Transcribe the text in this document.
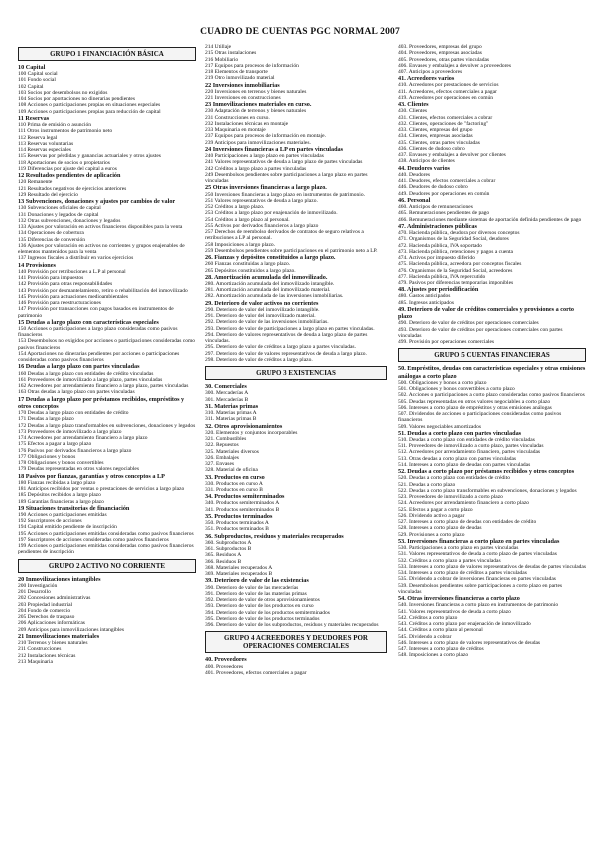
CUADRO DE CUENTAS PGC NORMAL 2007
GRUPO 1 FINANCIACIÓN BÁSICA
10 Capital
100 Capital social
101 Fondo social
102 Capital
103 Socios por desembolsos no exigidos
104 Socios por aportaciones no dinerarias pendientes
108 Acciones o participaciones propias en situaciones especiales
109 Acciones o participaciones propias para reducción de capital
11 Reservas
110 Prima de emisión o asunción
111 Otros instrumentos de patrimonio neto
112 Reserva legal
113 Reservas voluntarias
114 Reservas especiales
115 Reservas por pérdidas y ganancias actuariales y otros ajustes
118 Aportaciones de socios o propietarios
119 Diferencias por ajuste del capital a euros
12 Resultados pendientes de aplicación
120 Remanente
121 Resultados negativos de ejercicios anteriores
129 Resultado del ejercicio
13 Subvenciones, donaciones y ajustes por cambios de valor
130 Subvenciones oficiales de capital
131 Donaciones y legados de capital
132 Otras subvenciones, donaciones y legados
133 Ajustes por valoración en activos financieros disponibles para la venta
134 Operaciones de cobertura
135 Diferencias de conversión
136 Ajustes por valoración en activos no corrientes y grupos enajenables de elementos mantenidos para la venta
137 Ingresos fiscales a distribuir en varios ejercicios
14 Provisiones
140 Provisión por retribuciones a L.P al personal
141 Provisión para impuestos
142 Provisión para otras responsabilidades
143 Provisión por desmantelamiento, retiro o rehabilitación del inmovilizado
145 Provisión para actuaciones medioambientales
146 Provisión para reestructuraciones
147 Provisión por transacciones con pagos basados en instrumentos de patrimonio
15 Deudas a largo plazo con características especiales
150 Acciones o participaciones a largo plazo consideradas como pasivos financieros
153 Desembolsos no exigidos por acciones o participaciones consideradas como pasivos financieros
154 Aportaciones no dinerarias pendientes por acciones o participaciones consideradas como pasivos financieros
16 Deudas a largo plazo con partes vinculadas
160 Deudas a largo plazo con entidades de crédito vinculadas
161 Proveedores de inmovilizado a largo plazo, partes vinculadas
162 Acreedores por arrendamiento financiero a largo plazo, partes vinculadas
163 Otras deudas a largo plazo con partes vinculadas
17 Deudas a largo plazo por préstamos recibidos, empréstitos y otros conceptos
170 Deudas a largo plazo con entidades de crédito
171 Deudas a largo plazo
172 Deudas a largo plazo transformables en subvenciones, donaciones y legados
173 Proveedores de inmovilizado a largo plazo
174 Acreedores por arrendamiento financiero a largo plazo
175 Efectos a pagar a largo plazo
176 Pasivos por derivados financieros a largo plazo
177 Obligaciones y bonos
178 Obligaciones y bonos convertibles
179 Deudas representadas en otros valores negociables
18 Pasivos por fianzas, garantías y otros conceptos a LP
180 Fianzas recibidas a largo plazo
181 Anticipos recibidos por ventas o prestaciones de servicios a largo plazo
185 Depósitos recibidos a largo plazo
189 Garantías financieras a largo plazo
19 Situaciones transitorias de financiación
190 Acciones o participaciones emitidas
192 Suscriptores de acciones
194 Capital emitido pendiente de inscripción
195 Acciones o participaciones emitidas consideradas como pasivos financieros
197 Suscriptores de acciones consideradas como pasivos financieros
199 Acciones o participaciones emitidas consideradas como pasivos financieros pendientes de inscripción
GRUPO 2 ACTIVO NO CORRIENTE
20 Inmovilizaciones intangibles
200 Investigación
201 Desarrollo
202 Concesiones administrativas
203 Propiedad industrial
204 Fondo de comercio
205 Derechos de traspaso
206 Aplicaciones informáticas
209 Anticipos para inmovilizaciones intangibles
21 Inmovilizaciones materiales
210 Terrenos y bienes naturales
211 Construcciones
212 Instalaciones técnicas
213 Maquinaria
214 Utillaje
215 Otras instalaciones
216 Mobiliario
217 Equipos para procesos de información
218 Elementos de transporte
219 Otro inmovilizado material
22 Inversiones inmobiliarias
220 Inversiones en terrenos y bienes naturales
221 Inversiones en construcciones
23 Inmovilizaciones materiales en curso.
230 Adaptación de terrenos y bienes naturales
231 Construcciones en curso.
232 Instalaciones técnicas en montaje
233 Maquinaria en montaje
237 Equipos para procesos de información en montaje.
239 Anticipos para inmovilizaciones materiales.
24 Inversiones financieras a LP en partes vinculadas
240 Participaciones a largo plazo en partes vinculadas
241 Valores representativos de deuda a largo plazo de partes vinculadas
242 Créditos a largo plazo a partes vinculadas
249 Desembolsos pendientes sobre participaciones a largo plazo en partes vinculadas
25 Otras inversiones financieras a largo plazo.
250 Inversiones financieras a largo plazo en instrumentos de patrimonio.
251 Valores representativos de deuda a largo plazo.
252 Créditos a largo plazo.
253 Créditos a largo plazo por enajenación de inmovilizado.
254 Créditos a largo plazo al personal.
255 Activos por derivados financieros a largo plazo
257 Derechos de reembolso derivados de contratos de seguro relativos a retribuciones a LP al personal.
258 Imposiciones a largo plazo.
259 Desembolsos pendientes sobre participaciones en el patrimonio neto a LP.
26. Fianzas y depósitos constituidos a largo plazo.
260 Fianzas constituidas a largo plazo.
265 Depósitos constituidos a largo plazo.
28. Amortización acumulada del inmovilizado.
280. Amortización acumulada del inmovilizado intangible.
281. Amortización acumulada del inmovilizado material.
282. Amortización acumulada de las inversiones inmobiliarias.
29. Deterioro de valor activos no corrientes
290. Deterioro de valor del inmovilizado intangible.
291. Deterioro de valor del inmovilizado material.
292. Deterioro de valor de las inversiones inmobiliarias.
293. Deterioro de valor de participaciones a largo plazo en partes vinculadas.
294. Deterioro de valores representativos de deuda a largo plazo de partes vinculadas.
295. Deterioro de valor de créditos a largo plazo a partes vinculadas.
297. Deterioro de valor de valores representativos de deuda a largo plazo.
298. Deterioro de valor de créditos a largo plazo.
GRUPO 3 EXISTENCIAS
30. Comerciales
300. Mercaderías A
301. Mercaderías B
31. Materias primas
310. Materias primas A
311. Materias primas B
32. Otros aprovisionamientos
320. Elementos y conjuntos incorporables
321. Combustibles
322. Repuestos
325. Materiales diversos
326. Embalajes
327. Envases
328. Material de oficina
33. Productos en curso
330. Productos en curso A
331. Productos en curso B
34. Productos semiterminados
340. Productos semiterminados A
341. Productos semiterminados B
35. Productos terminados
350. Productos terminados A
351. Productos terminados B
36. Subproductos, residuos y materiales recuperados
360. Subproductos A
361. Subproductos B
365. Residuos A
366. Residuos B
368. Materiales recuperados A
369. Materiales recuperados B
39. Deterioro de valor de las existencias
390. Deterioro de valor de las mercaderías
391. Deterioro de valor de las materias primas
392. Deterioro de valor de otros aprovisionamientos
393. Deterioro de valor de los productos en curso
394. Deterioro de valor de los productos semiterminados
395. Deterioro de valor de los productos terminados
396. Deterioro de valor de los subproductos, residuos y materiales recuperados
GRUPO 4 ACREEDORES Y DEUDORES POR OPERACIONES COMERCIALES
40. Proveedores
400. Proveedores
401. Proveedores, efectos comerciales a pagar
403. Proveedores, empresas del grupo
404. Proveedores, empresas asociadas
405. Proveedores, otras partes vinculadas
406. Envases y embalajes a devolver a proveedores
407. Anticipos a proveedores
41. Acreedores varios
410. Acreedores por prestaciones de servicios
411. Acreedores, efectos comerciales a pagar
419. Acreedores por operaciones en común
43. Clientes
430. Clientes
431. Clientes, efectos comerciales a cobrar
432. Clientes, operaciones de "factoring"
433. Clientes, empresas del grupo
434. Clientes, empresas asociadas
435. Clientes, otras partes vinculadas
436. Clientes de dudoso cobro
437. Envases y embalajes a devolver por clientes
438. Anticipos de clientes
44. Deudores varios
440. Deudores
441. Deudores, efectos comerciales a cobrar
446. Deudores de dudoso cobro
449. Deudores por operaciones en común
46. Personal
460. Anticipos de remuneraciones
465. Remuneraciones pendientes de pago
466. Remuneraciones mediante sistemas de aportación definida pendientes de pago
47. Administraciones públicas
470. Hacienda pública, deudora por diversos conceptos
471. Organismos de la Seguridad Social, deudores
472. Hacienda pública, IVA soportado
473. Hacienda pública, retenciones y pagos a cuenta
474. Activos por impuesto diferido
475. Hacienda pública, acreedora por conceptos fiscales
476. Organismos de la Seguridad Social, acreedores
477. Hacienda pública, IVA repercutido
479. Pasivos por diferencias temporarias imponibles
48. Ajustes por periodificación
480. Gastos anticipados
485. Ingresos anticipados
49. Deterioro de valor de créditos comerciales y provisiones a corto plazo
490. Deterioro de valor de créditos por operaciones comerciales
493. Deterioro de valor de créditos por operaciones comerciales con partes vinculadas
499. Provisión por operaciones comerciales
GRUPO 5 CUENTAS FINANCIERAS
50. Empréstitos, deudas con características especiales y otras emisiones análogas a corto plazo
500. Obligaciones y bonos a corto plazo
501. Obligaciones y bonos convertibles a corto plazo
502. Acciones o participaciones a corto plazo consideradas como pasivos financieros
505. Deudas representadas en otros valores negociables a corto plazo
506. Intereses a corto plazo de empréstitos y otras emisiones análogas
507. Dividendos de acciones o participaciones consideradas como pasivos financieros
509. Valores negociables amortizados
51. Deudas a corto plazo con partes vinculadas
510. Deudas a corto plazo con entidades de crédito vinculadas
511. Proveedores de inmovilizado a corto plazo, partes vinculadas
512. Acreedores por arrendamiento financiero, partes vinculadas
513. Otras deudas a corto plazo con partes vinculadas
514. Intereses a corto plazo de deudas con partes vinculadas
52. Deudas a corto plazo por préstamos recibidos y otros conceptos
520. Deudas a corto plazo con entidades de crédito
521. Deudas a corto plazo
522. Deudas a corto plazo transformables en subvenciones, donaciones y legados
523. Proveedores de inmovilizado a corto plazo
524. Acreedores por arrendamiento financiero a corto plazo
525. Efectos a pagar a corto plazo
526. Dividendo activo a pagar
527. Intereses a corto plazo de deudas con entidades de crédito
528. Intereses a corto plazo de deudas
529. Provisiones a corto plazo
53. Inversiones financieras a corto plazo en partes vinculadas
530. Participaciones a corto plazo en partes vinculadas
531. Valores representativos de deuda a corto plazo de partes vinculadas
532. Créditos a corto plazo a partes vinculadas
533. Intereses a corto plazo de valores representativos de deudas de partes vinculadas
534. Intereses a corto plazo de créditos a partes vinculadas
535. Dividendo a cobrar de inversiones financieras en partes vinculadas
539. Desembolsos pendientes sobre participaciones a corto plazo en partes vinculadas
54. Otras inversiones financieras a corto plazo
540. Inversiones financieras a corto plazo en instrumentos de patrimonio
541. Valores representativos de deuda a corto plazo
542. Créditos a corto plazo
543. Créditos a corto plazo por enajenación de inmovilizado
544. Créditos a corto plazo al personal
545. Dividendo a cobrar
546. Intereses a corto plazo de valores representativos de deudas
547. Intereses a corto plazo de créditos
548. Imposiciones a corto plazo
